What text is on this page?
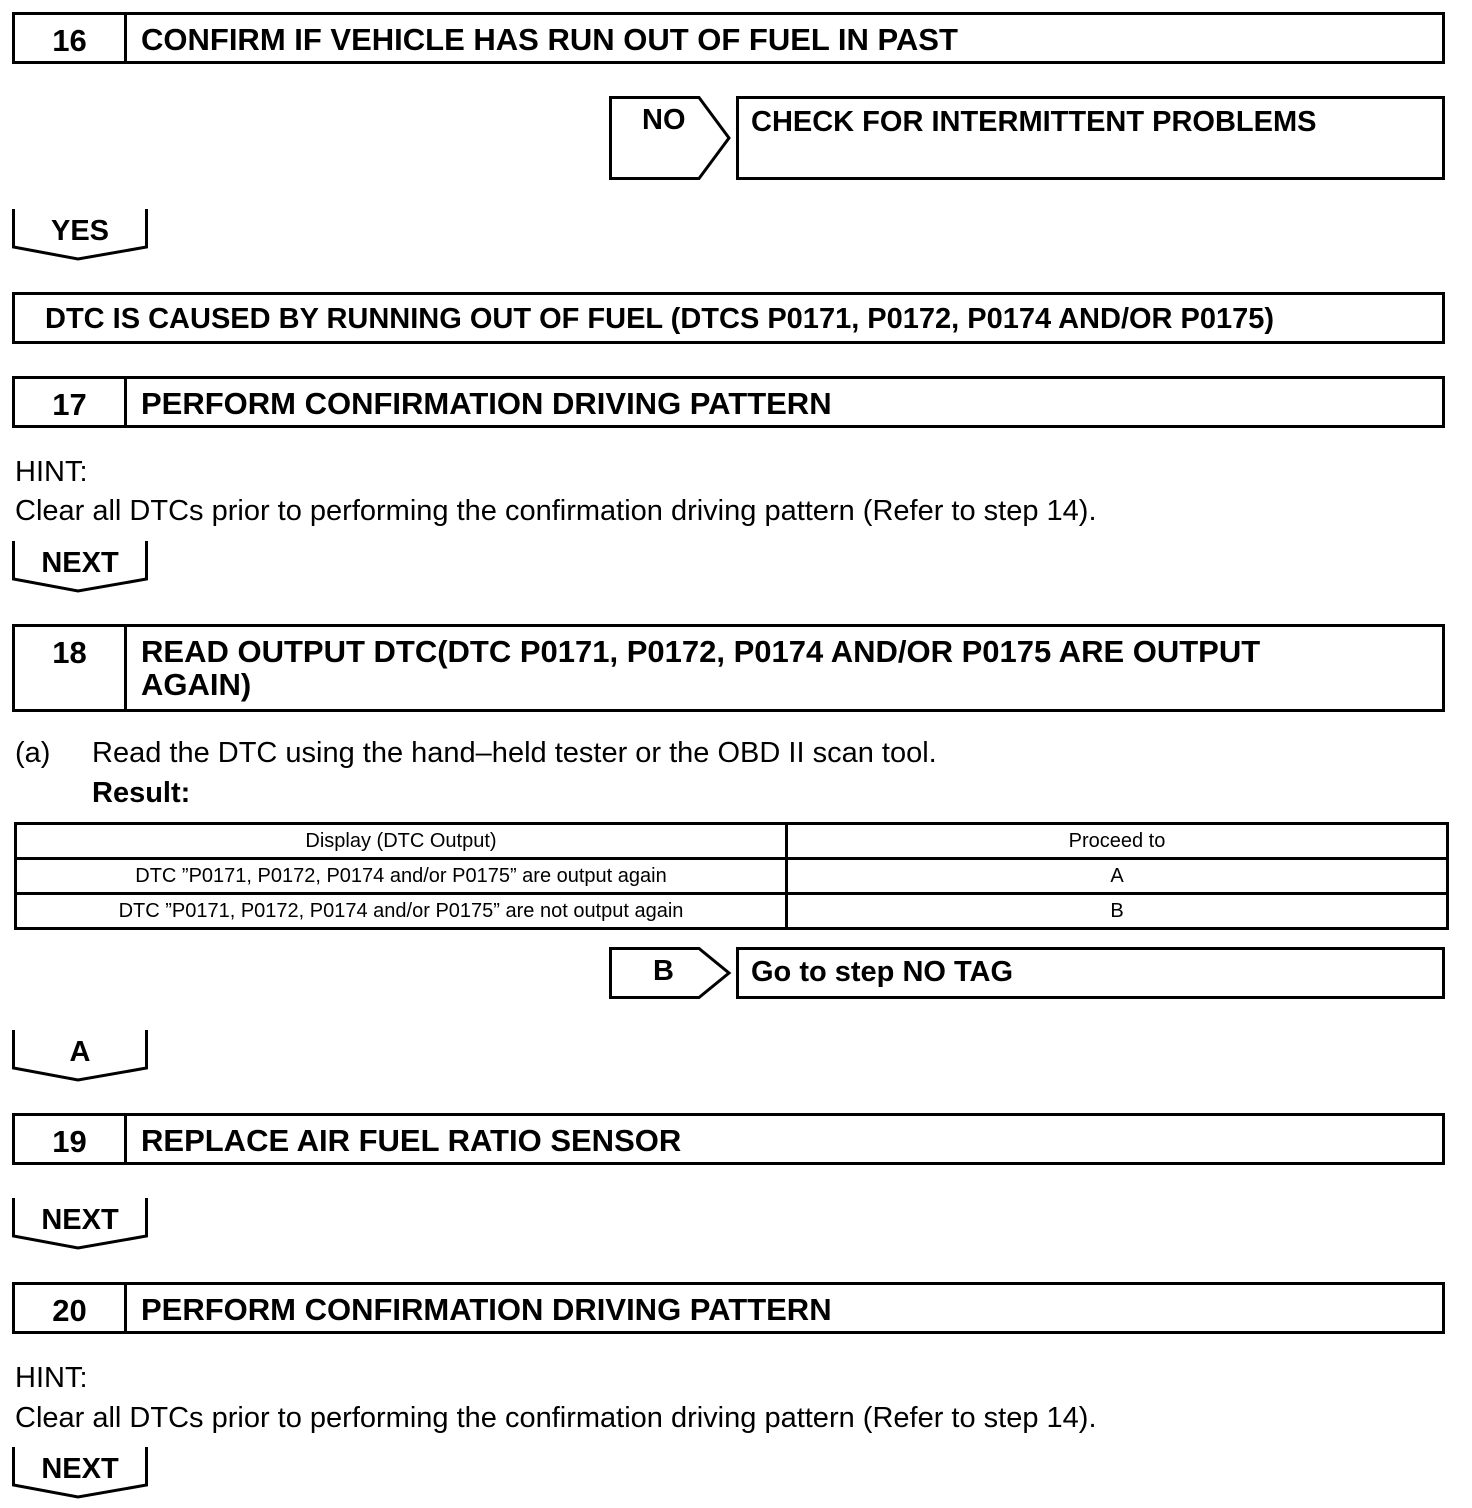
16	CONFIRM IF VEHICLE HAS RUN OUT OF FUEL IN PAST
NO CHECK FOR INTERMITTENT PROBLEMS
YES
DTC IS CAUSED BY RUNNING OUT OF FUEL (DTCS P0171, P0172, P0174 AND/OR P0175)
17	PERFORM CONFIRMATION DRIVING PATTERN
HINT:
Clear all DTCs prior to performing the confirmation driving pattern (Refer to step 14).
NEXT
18	READ OUTPUT DTC(DTC P0171, P0172, P0174 AND/OR P0175 ARE OUTPUT
AGAIN)
(a) Read the DTC using the hand–held tester or the OBD II scan tool.
Result:
Display (DTC Output)	Proceed to
DTC ”P0171, P0172, P0174 and/or P0175” are output again	A
DTC ”P0171, P0172, P0174 and/or P0175” are not output again	B
B	Go to step NO TAG
A
19	REPLACE AIR FUEL RATIO SENSOR
NEXT
20	PERFORM CONFIRMATION DRIVING PATTERN
HINT:
Clear all DTCs prior to performing the confirmation driving pattern (Refer to step 14).
NEXT
